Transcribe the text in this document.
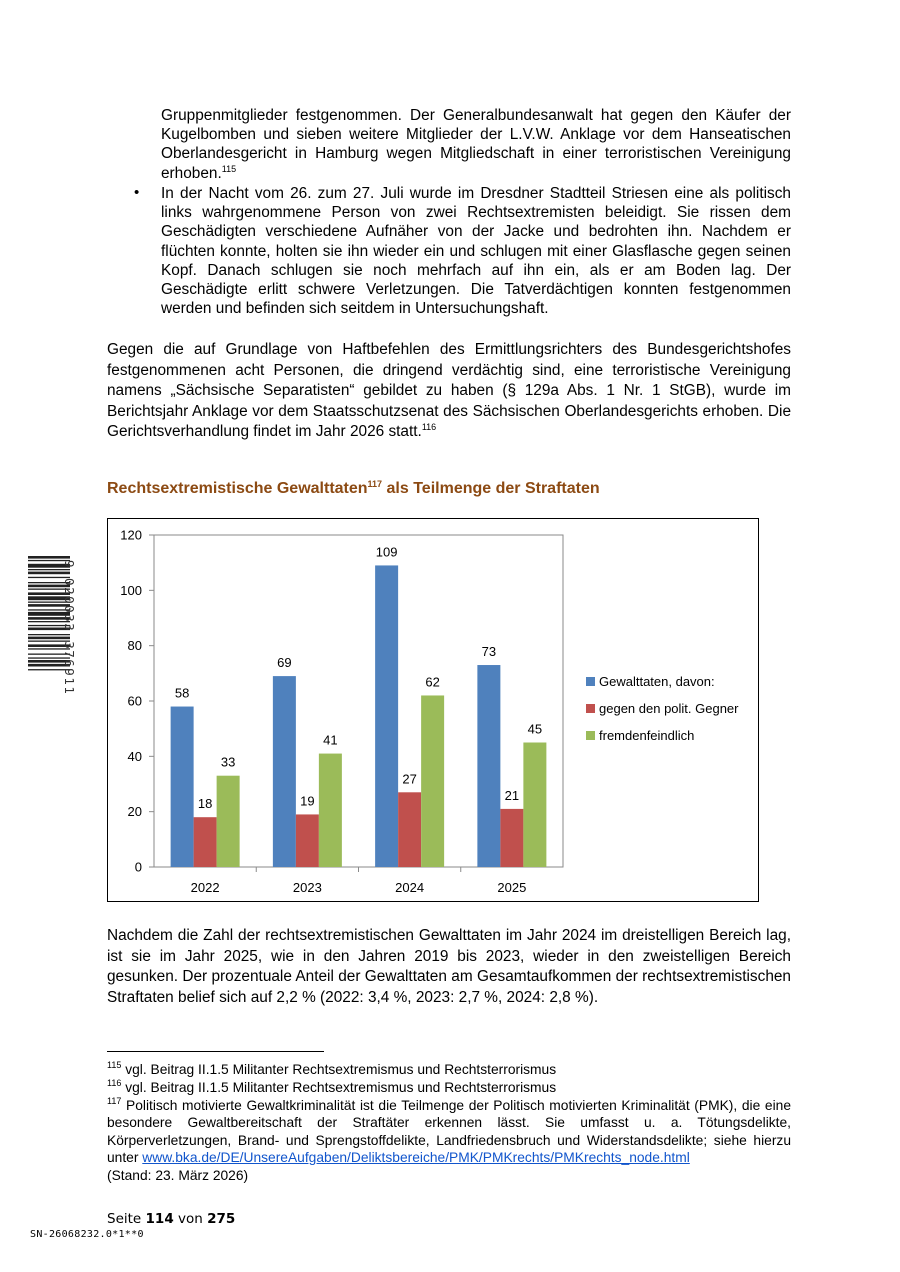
9 020033 376911
Gruppenmitglieder festgenommen. Der Generalbundesanwalt hat gegen den Käufer der Kugelbomben und sieben weitere Mitglieder der L.V.W. Anklage vor dem Hanseatischen Oberlandesgericht in Hamburg wegen Mitgliedschaft in einer terroristischen Vereinigung erhoben.$^{115}$
• In der Nacht vom 26. zum 27. Juli wurde im Dresdner Stadtteil Striesen eine als politisch links wahrgenommene Person von zwei Rechtsextremisten beleidigt. Sie rissen dem Geschädigten verschiedene Aufnäher von der Jacke und bedrohten ihn. Nachdem er flüchten konnte, holten sie ihn wieder ein und schlugen mit einer Glasflasche gegen seinen Kopf. Danach schlugen sie noch mehrfach auf ihn ein, als er am Boden lag. Der Geschädigte erlitt schwere Verletzungen. Die Tatverdächtigen konnten festgenommen werden und befinden sich seitdem in Untersuchungshaft.
Gegen die auf Grundlage von Haftbefehlen des Ermittlungsrichters des Bundesgerichtshofes festgenommenen acht Personen, die dringend verdächtig sind, eine terroristische Vereinigung namens „Sächsische Separatisten“ gebildet zu haben (§ 129a Abs. 1 Nr. 1 StGB), wurde im Berichtsjahr Anklage vor dem Staatsschutzsenat des Sächsischen Oberlandesgerichts erhoben. Die Gerichtsverhandlung findet im Jahr 2026 statt.$^{116}$
Rechtsextremistische Gewalttaten$^{117}$ als Teilmenge der Straftaten
0
20
40
60
80
100
120
2022
58
18
33
2023
69
19
41
2024
109
27
62
2025
73
21
45
Gewalttaten, davon:
gegen den polit. Gegner
fremdenfeindlich
Nachdem die Zahl der rechtsextremistischen Gewalttaten im Jahr 2024 im dreistelligen Bereich lag, ist sie im Jahr 2025, wie in den Jahren 2019 bis 2023, wieder in den zweistelligen Bereich gesunken. Der prozentuale Anteil der Gewalttaten am Gesamtaufkommen der rechtsextremistischen Straftaten belief sich auf 2,2 % (2022: 3,4 %, 2023: 2,7 %, 2024: 2,8 %).
$^{115}$ vgl. Beitrag II.1.5 Militanter Rechtsextremismus und Rechtsterrorismus
$^{116}$ vgl. Beitrag II.1.5 Militanter Rechtsextremismus und Rechtsterrorismus
$^{117}$ Politisch motivierte Gewaltkriminalität ist die Teilmenge der Politisch motivierten Kriminalität (PMK), die eine besondere Gewaltbereitschaft der Straftäter erkennen lässt. Sie umfasst u. a. Tötungsdelikte, Körperverletzungen, Brand- und Sprengstoffdelikte, Landfriedensbruch und Widerstandsdelikte; siehe hierzu unter www.bka.de/DE/UnsereAufgaben/Deliktsbereiche/PMK/PMKrechts/PMKrechts_node.html
(Stand: 23. März 2026)
Seite 114 von 275
SN-26068232.0*1**0
